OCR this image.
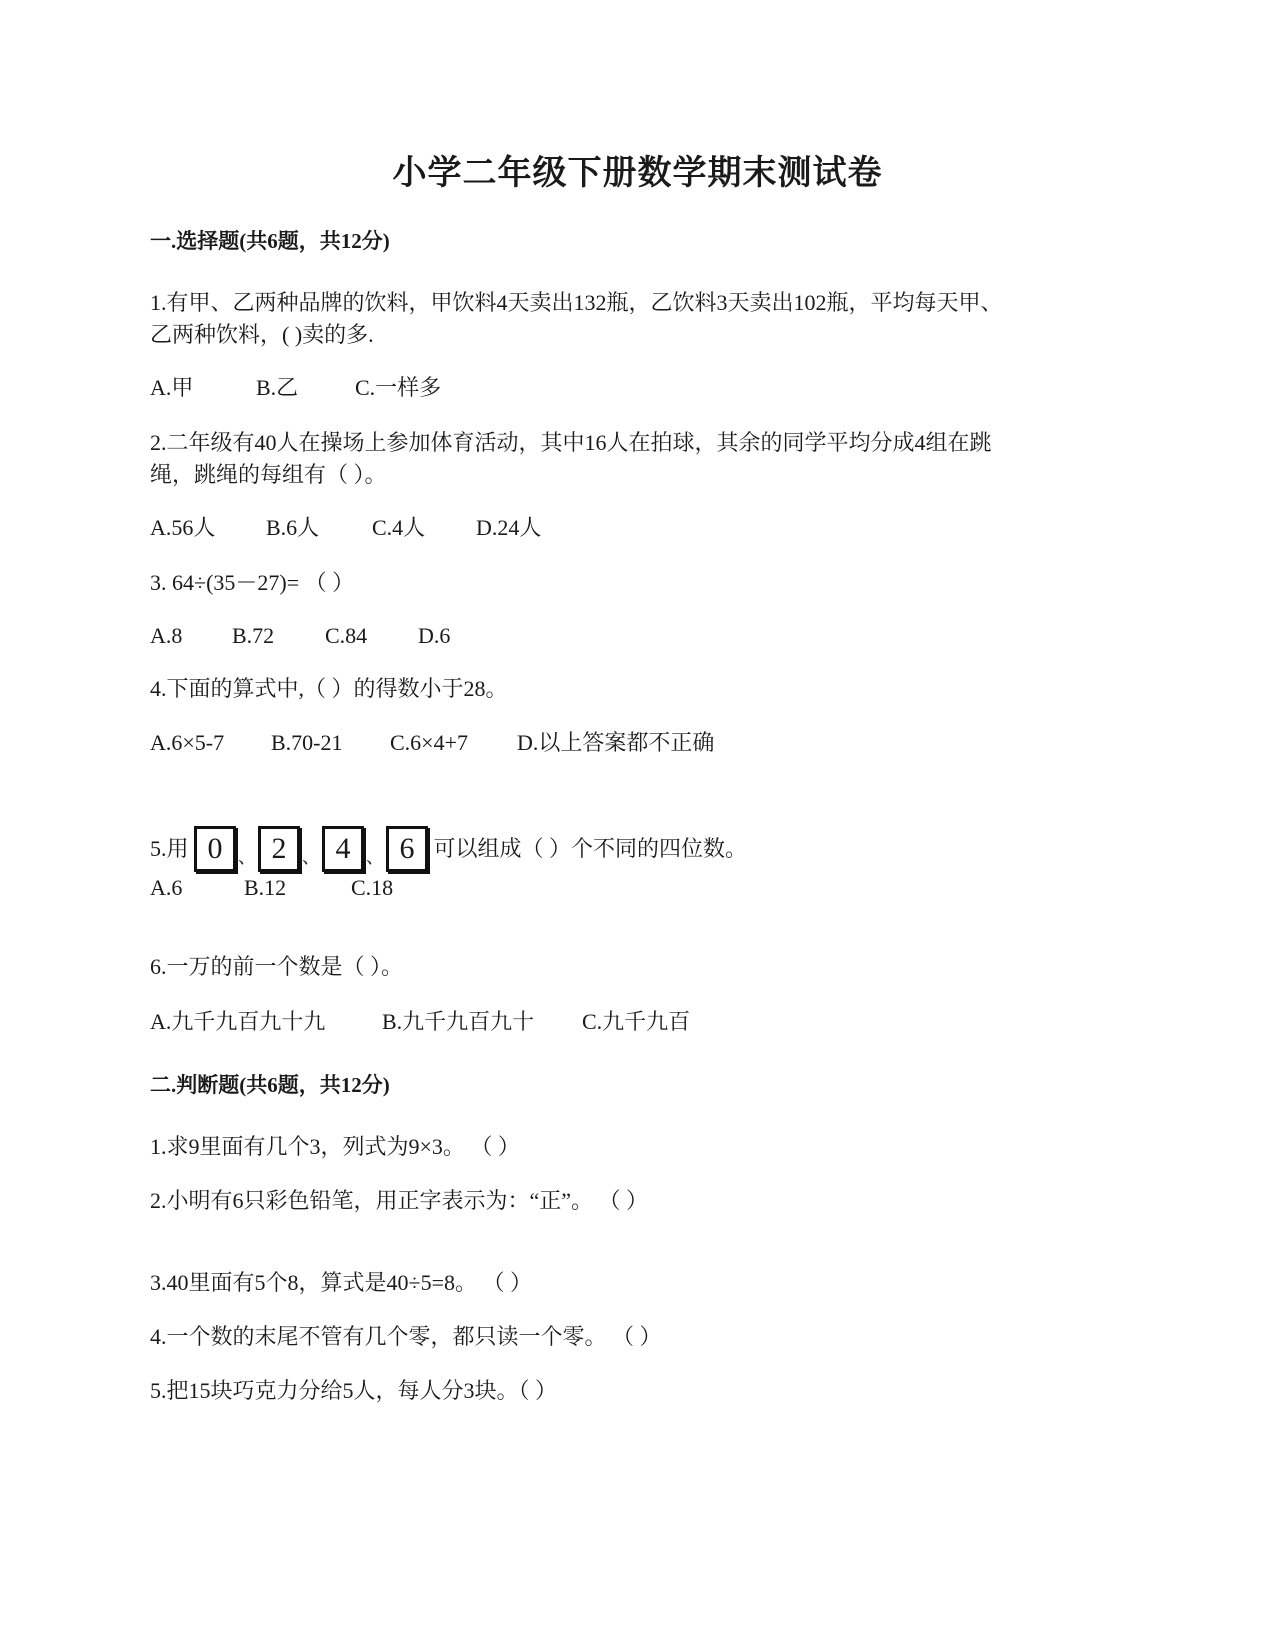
小学二年级下册数学期末测试卷
一.选择题(共6题，共12分)
1.有甲、乙两种品牌的饮料，甲饮料4天卖出132瓶，乙饮料3天卖出102瓶，平均每天甲、
乙两种饮料，( )卖的多.
A.甲	B.乙	C.一样多
2.二年级有40人在操场上参加体育活动，其中16人在拍球，其余的同学平均分成4组在跳
绳，跳绳的每组有（ ）。
A.56人 B.6人 C.4人 D.24人
3. 64÷(35－27)= （ ）
A.8 B.72 C.84 D.6
4.下面的算式中,（ ）的得数小于28。
A.6×5-7 B.70-21 C.6×4+7 D.以上答案都不正确
5.用 0 、 2 、 4 、 6 可以组成（ ）个不同的四位数。
A.6	B.12	C.18
6.一万的前一个数是（ ）。
A.九千九百九十九	B.九千九百九十 C.九千九百
二.判断题(共6题，共12分)
1.求9里面有几个3，列式为9×3。 （ ）
2.小明有6只彩色铅笔，用正字表示为：“正”。 （ ）
3.40里面有5个8，算式是40÷5=8。 （ ）
4.一个数的末尾不管有几个零，都只读一个零。 （ ）
5.把15块巧克力分给5人，每人分3块。（ ）
